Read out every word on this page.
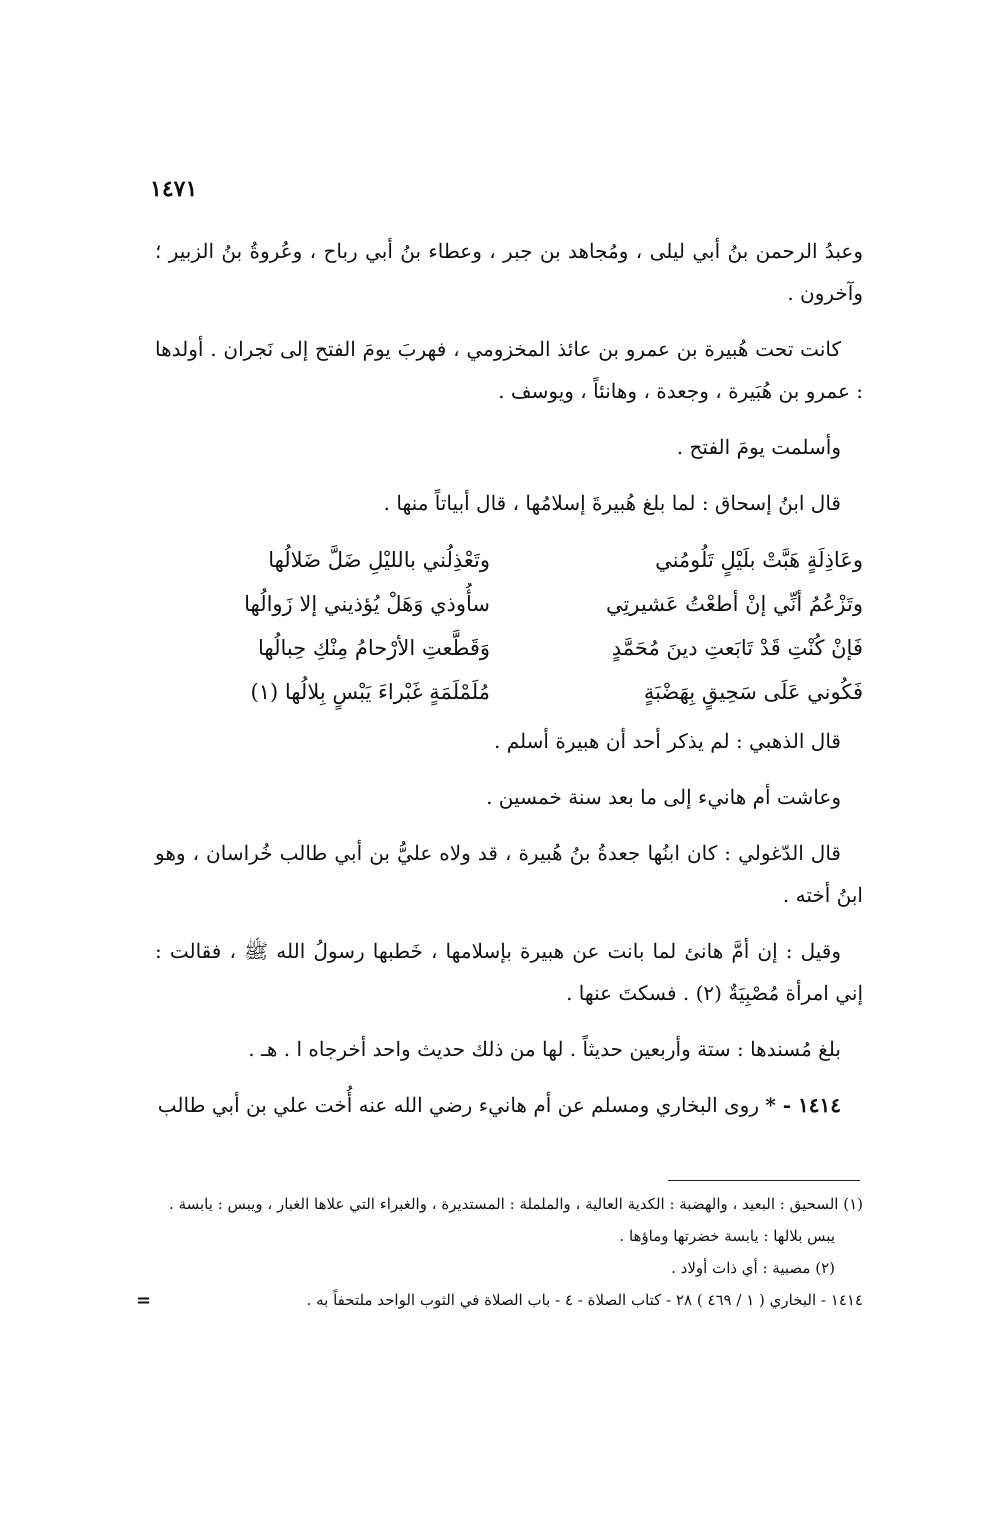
١٤٧١

وعبدُ الرحمن بنُ أبي ليلى ، ومُجاهد بن جبر ، وعطاء بنُ أبي رباح ، وعُروةُ بنُ الزبير ؛ وآخرون .

كانت تحت هُبيرة بن عمرو بن عائذ المخزومي ، فهربَ يومَ الفتح إلى نَجران . أولدها : عمرو بن هُبَيرة ، وجعدة ، وهانئاً ، ويوسف .

وأسلمت يومَ الفتح .

قال ابنُ إسحاق : لما بلغ هُبيرةَ إسلامُها ، قال أبياتاً منها .

وعَاذِلَةٍ هَبَّتْ بلَيْلٍ تَلُومُني
وتَعْذِلُني بالليْلِ ضَلَّ ضَلالُها
وتَزْعُمُ أنِّي إنْ أطعْتُ عَشيرتِي
سأُوذي وَهَلْ يُؤذيني إلا زَوالُها
فَإنْ كُنْتِ قَدْ تَابَعتِ دينَ مُحَمَّدٍ
وَقَطَّعتِ الأرْحامُ مِنْكِ حِبالُها
فَكُوني عَلَى سَحِيقٍ بِهَضْبَةٍ
مُلَمْلَمَةٍ غَبْراءَ يَبْسٍ بِلالُها (١)

قال الذهبي : لم يذكر أحد أن هبيرة أسلم .

وعاشت أم هانيء إلى ما بعد سنة خمسين .

قال الدّغولي : كان ابنُها جعدةُ بنُ هُبيرة ، قد ولاه عليُّ بن أبي طالب خُراسان ، وهو ابنُ أخته .

وقيل : إن أمَّ هانئ لما بانت عن هبيرة بإسلامها ، خَطبها رسولُ الله ﷺ ، فقالت : إني امرأة مُصْبِيَةٌ (٢) . فسكتَ عنها .

بلغ مُسندها : ستة وأربعين حديثاً . لها من ذلك حديث واحد أخرجاه ا . هـ .

١٤١٤ - * روى البخاري ومسلم عن أم هانيء رضي الله عنه أُخت علي بن أبي طالب

(١) السحيق : البعيد ، والهضبة : الكدية العالية ، والململة : المستديرة ، والغبراء التي علاها الغبار ، ويبس : يابسة .

يبس بلالها : يابسة خضرتها وماؤها .

(٢) مصبية : أي ذات أولاد .

١٤١٤ - البخاري ( ١ / ٤٦٩ ) ٢٨ - كتاب الصلاة - ٤ - باب الصلاة في الثوب الواحد ملتحفاً به .

=
